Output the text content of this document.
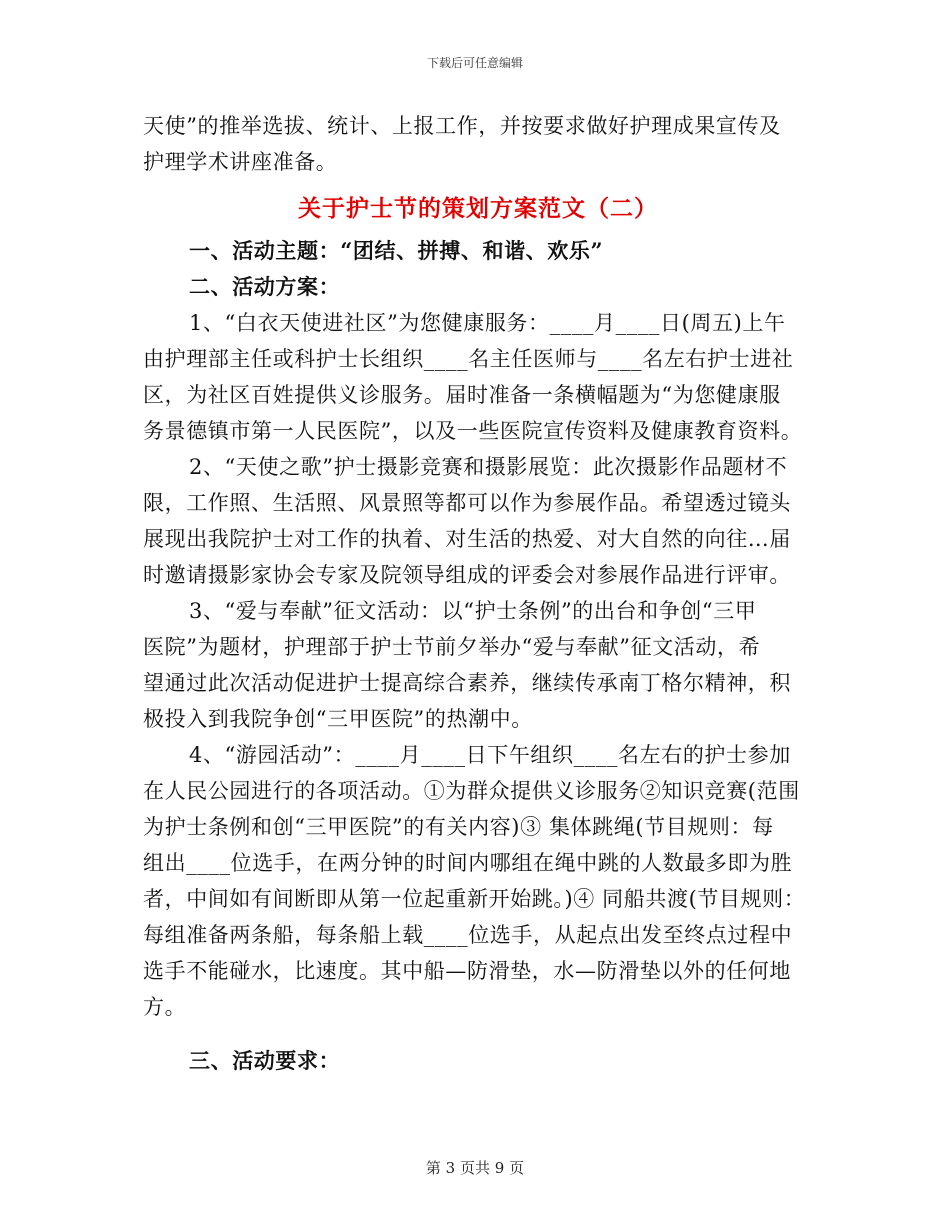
下载后可任意编辑
天使”的推举选拔、统计、上报工作，并按要求做好护理成果宣传及
护理学术讲座准备。
关于护士节的策划方案范文（二）
一、活动主题：“团结、拼搏、和谐、欢乐”
二、活动方案：
1、“白衣天使进社区”为您健康服务：____月____日(周五)上午
由护理部主任或科护士长组织____名主任医师与____名左右护士进社
区，为社区百姓提供义诊服务。届时准备一条横幅题为“为您健康服
务景德镇市第一人民医院”，以及一些医院宣传资料及健康教育资料。
2、“天使之歌”护士摄影竞赛和摄影展览：此次摄影作品题材不
限，工作照、生活照、风景照等都可以作为参展作品。希望透过镜头
展现出我院护士对工作的执着、对生活的热爱、对大自然的向往…届
时邀请摄影家协会专家及院领导组成的评委会对参展作品进行评审。
3、“爱与奉献”征文活动：以“护士条例”的出台和争创“三甲
医院”为题材，护理部于护士节前夕举办“爱与奉献”征文活动，希
望通过此次活动促进护士提高综合素养，继续传承南丁格尔精神，积
极投入到我院争创“三甲医院”的热潮中。
4、“游园活动”：____月____日下午组织____名左右的护士参加
在人民公园进行的各项活动。①为群众提供义诊服务②知识竞赛(范围
为护士条例和创“三甲医院”的有关内容)③ 集体跳绳(节目规则：每
组出____位选手，在两分钟的时间内哪组在绳中跳的人数最多即为胜
者，中间如有间断即从第一位起重新开始跳。)④ 同船共渡(节目规则：
每组准备两条船，每条船上载____位选手，从起点出发至终点过程中
选手不能碰水，比速度。其中船—防滑垫，水—防滑垫以外的任何地
方。
三、活动要求：
第 3 页共 9 页
